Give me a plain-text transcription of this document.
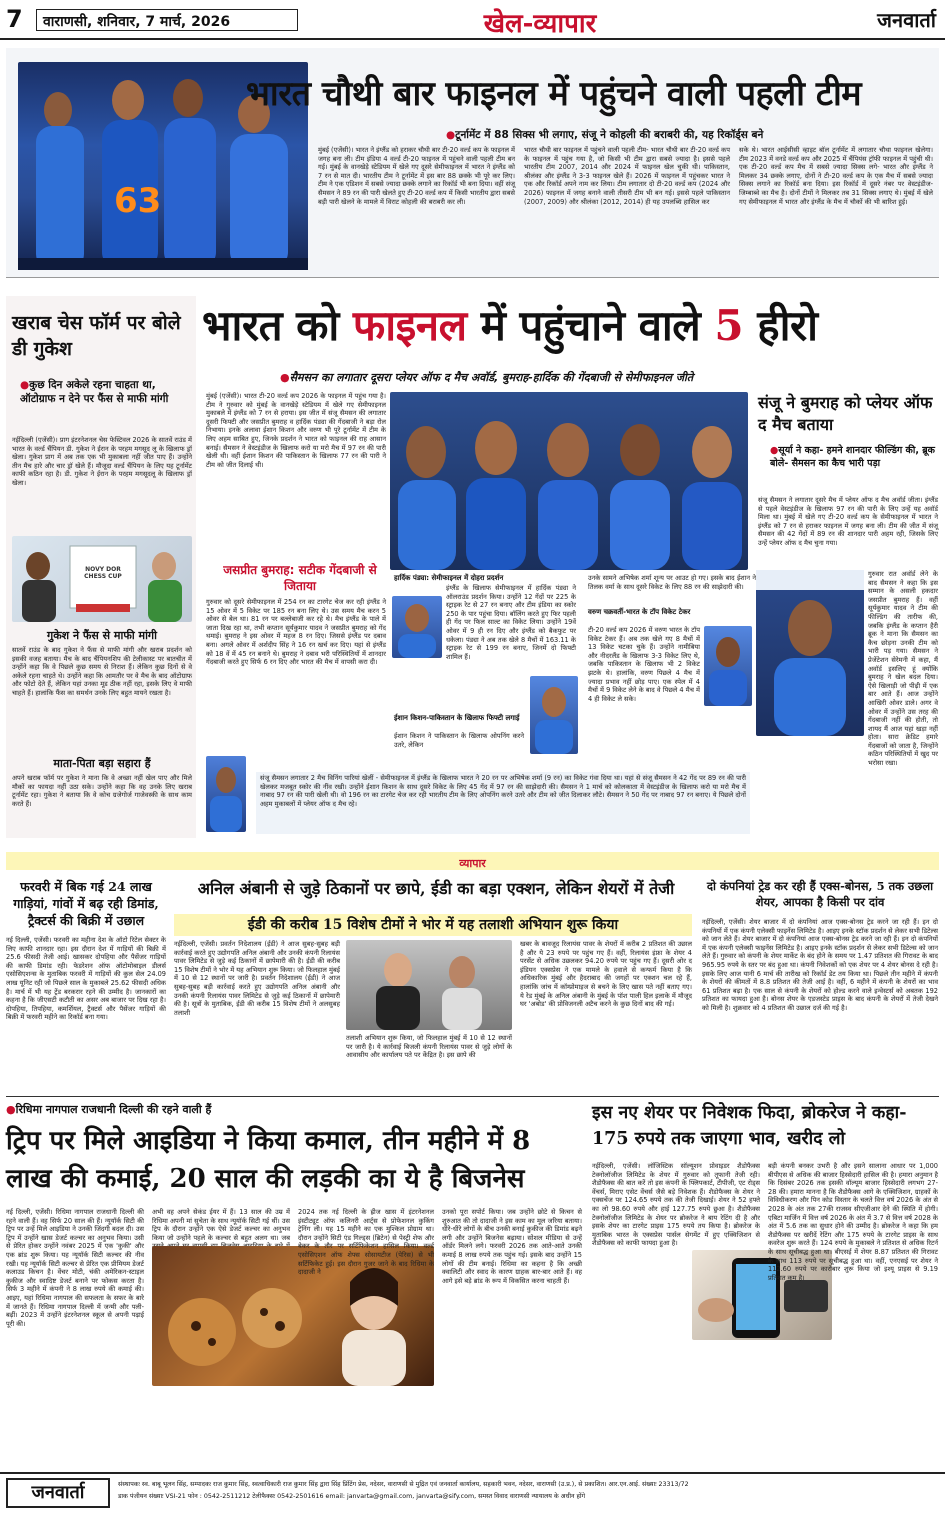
7	वाराणसी, शनिवार, 7 मार्च, 2026	खेल-व्यापार	जनवार्ता
63
भारत चौथी बार फाइनल में पहुंचने वाली पहली टीम
● टूर्नामेंट में 88 सिक्स भी लगाए, संजू ने कोहली की बराबरी की, यह रिकॉर्ड्स बने
मुंबई (एजेंसी)। भारत ने इंग्लैंड को हराकर चौथी बार टी-20 वर्ल्ड कप के फाइनल में जगह बना ली। टीम इंडिया 4 वर्ल्ड टी-20 फाइनल में पहुंचने वाली पहली टीम बन गई। मुंबई के वानखेड़े स्टेडियम में खेले गए दूसरे सेमीफाइनल में भारत ने इंग्लैंड को 7 रन से मात दी। भारतीय टीम ने टूर्नामेंट में इस बार 88 छक्के भी पूरे कर लिए। टीम ने एक एडिशन में सबसे ज्यादा छक्के लगाने का रिकॉर्ड भी बना दिया। वहीं संजू सैमसन ने 89 रन की पारी खेलते हुए टी-20 वर्ल्ड कप में किसी भारतीय द्वारा सबसे बड़ी पारी खेलने के मामले में विराट कोहली की बराबरी कर ली।
भारत चौथी बार फाइनल में पहुंचने वाली पहली टीम- भारत चौथी बार टी-20 वर्ल्ड कप के फाइनल में पहुंच गया है, जो किसी भी टीम द्वारा सबसे ज्यादा है। इससे पहले भारतीय टीम 2007, 2014 और 2024 में फाइनल खेल चुकी थी। पाकिस्तान, श्रीलंका और इंग्लैंड ने 3-3 फाइनल खेले हैं। 2026 में फाइनल में पहुंचकर भारत ने एक और रिकॉर्ड अपने नाम कर लिया। टीम लगातार दो टी-20 वर्ल्ड कप (2024 और 2026) फाइनल में जगह बनाने वाली तीसरी टीम भी बन गई। इससे पहले पाकिस्तान (2007, 2009) और श्रीलंका (2012, 2014) ही यह उपलब्धि हासिल कर
सके थे। भारत आईसीसी व्हाइट बॉल टूर्नामेंट में लगातार चौथा फाइनल खेलेगा। टीम 2023 में वनडे वर्ल्ड कप और 2025 में चैंपियंस ट्रॉफी फाइनल में पहुंची थी। एक टी-20 वर्ल्ड कप मैच में सबसे ज्यादा सिक्स लगे- भारत और इंग्लैंड ने मिलकर 34 छक्के लगाए, दोनों ने टी-20 वर्ल्ड कप के एक मैच में सबसे ज्यादा सिक्स लगाने का रिकॉर्ड बना दिया। इस रिकॉर्ड में दूसरे नंबर पर वेस्टइंडीज-जिम्बाब्वे का मैच है। दोनों टीमों ने मिलकर तब 31 सिक्स लगाए थे। मुंबई में खेले गए सेमीफाइनल में भारत और इंग्लैंड के मैच में चौकों की भी बारिश हुई।
खराब चेस फॉर्म पर बोले डी गुकेश
● कुछ दिन अकेले रहना चाहता था, ऑटोग्राफ न देने पर फैंस से माफी मांगी
नईदिल्ली (एजेंसी)। प्राग इंटरनेशनल चेस फेस्टिवल 2026 के सातवें राउंड में भारत के वर्ल्ड चैंपियन डी. गुकेश ने ईरान के परहम मगसूद लू के खिलाफ ड्रॉ खेला। गुकेश प्राग में अब तक एक भी मुकाबला नहीं जीत पाए हैं। उन्होंने तीन मैच हारे और चार ड्रॉ खेले हैं। मौजूदा वर्ल्ड चैंपियन के लिए यह टूर्नामेंट काफी कठिन रहा है। डी. गुकेश ने ईरान के परहम मगसूदलू के खिलाफ ड्रॉ खेला।
NOVY DOR CHESS CUP
गुकेश ने फैंस से माफी मांगी
सातवें राउंड के बाद गुकेश ने फैंस से माफी मांगी और खराब प्रदर्शन को इसकी वजह बताया। मैच के बाद चैंपियनशिप की टेलीकास्ट पर बातचीत में उन्होंने कहा कि वे पिछले कुछ समय से निराश हैं। लेकिन कुछ दिनों से वे अकेले रहना चाहते थे। उन्होंने कहा कि आमतौर पर वे मैच के बाद ऑटोग्राफ और फोटो देते हैं, लेकिन यहां उनका मूड ठीक नहीं रहा, इसके लिए वे माफी चाहते हैं। हालांकि फैंस का समर्थन उनके लिए बहुत मायने रखता है।
माता-पिता बड़ा सहारा हैं
अपने खराब फॉर्म पर गुकेश ने माना कि वे अच्छा नहीं खेल पाए और मिले मौकों का फायदा नहीं उठा सके। उन्होंने कहा कि वह उनके लिए खराब टूर्नामेंट रहा। गुकेश ने बताया कि वे कोच ग्रजेगोर्ज गाजेवस्की के साथ काम करते हैं।
भारत को फाइनल में पहुंचाने वाले 5 हीरो
● सैमसन का लगातार दूसरा प्लेयर ऑफ द मैच अवॉर्ड, बुमराह-हार्दिक की गेंदबाजी से सेमीफाइनल जीते
मुंबई (एजेंसी)। भारत टी-20 वर्ल्ड कप 2026 के फाइनल में पहुंच गया है। टीम ने गुरुवार को मुंबई के वानखेड़े स्टेडियम में खेले गए सेमीफाइनल मुकाबले में इंग्लैंड को 7 रन से हराया। इस जीत में संजू सैमसन की लगातार दूसरी फिफ्टी और जसप्रीत बुमराह व हार्दिक पंड्या की गेंदबाजी ने बड़ा रोल निभाया। इनके अलावा ईशान किशन और वरुण भी पूरे टूर्नामेंट में टीम के लिए अहम साबित हुए, जिनके प्रदर्शन ने भारत को फाइनल की राह आसान बनाई। सैमसन ने वेस्टइंडीज के खिलाफ करो या मरो मैच में 97 रन की पारी खेली थी। वहीं ईशान किशन की पाकिस्तान के खिलाफ 77 रन की पारी ने टीम को जीत दिलाई थी।
जसप्रीत बुमराह: सटीक गेंदबाजी से जिताया
गुरुवार को दूसरे सेमीफाइनल में 254 रन का टारगेट चेज कर रही इंग्लैंड ने 15 ओवर में 5 विकेट पर 185 रन बना लिए थे। उस समय मैच करन 5 ओवर से बेल था। 81 रन पर बल्लेबाजी कर रहे थे। मैच इंग्लैंड के पाले में जाता दिख रहा था, तभी कप्तान सूर्यकुमार यादव ने जसप्रीत बुमराह को गेंद थमाई। बुमराह ने इस ओवर में महज 8 रन दिए। जिससे इंग्लैंड पर दबाव बना। अगले ओवर में अर्शदीप सिंह ने 16 रन खर्च कर दिए। यहां से इंग्लैंड को 18 वें में 45 रन बनाने थे। बुमराह ने दबाव भरी परिस्थितियों में शानदार गेंदबाजी करते हुए सिर्फ 6 रन दिए और भारत की मैच में वापसी करा दी।
हार्दिक पंड्या: सेमीफाइनल में दोहरा प्रदर्शन
इंग्लैंड के खिलाफ सेमीफाइनल में हार्दिक पंड्या ने ऑलराउंड प्रदर्शन किया। उन्होंने 12 गेंदों पर 225 के स्ट्राइक रेट से 27 रन बनाए और टीम इंडिया का स्कोर 250 के पार पहुंचा दिया। बॉलिंग करते हुए फिर पहली ही गेंद पर फिल साल्ट का विकेट लिया। उन्होंने 19वें ओवर में 9 ही रन दिए और इंग्लैंड को बैकफुट पर धकेला। पंड्या ने अब तक खेले 8 मैचों में 163.11 के स्ट्राइक रेट से 199 रन बनाए, जिनमें दो फिफ्टी शामिल हैं।
ईशान किशन-पाकिस्तान के खिलाफ फिफ्टी लगाई
ईशान किशन ने पाकिस्तान के खिलाफ ओपनिंग करने उतरे, लेकिन
उनके सामने अभिषेक शर्मा शून्य पर आउट हो गए। इसके बाद ईशान ने तिलक वर्मा के साथ दूसरे विकेट के लिए 88 रन की साझेदारी की।
वरुण चक्रवर्ती-भारत के टॉप विकेट टेकर
टी-20 वर्ल्ड कप 2026 में वरुण भारत के टॉप विकेट टेकर हैं। अब तक खेले गए 8 मैचों में 13 विकेट चटका चुके हैं। उन्होंने नामीबिया और नीदरलैंड के खिलाफ 3-3 विकेट लिए थे, जबकि पाकिस्तान के खिलाफ भी 2 विकेट झटके थे। हालांकि, वरुण पिछले 4 मैच में ज्यादा प्रभाव नहीं छोड़ पाए। एक स्पेल में 4 मैचों में 9 विकेट लेने के बाद वे पिछले 4 मैच में 4 ही विकेट ले सके।
संजू सैमसन लगातार 2 मैच विनिंग पारियां खेलीं - सेमीफाइनल में इंग्लैंड के खिलाफ भारत ने 20 रन पर अभिषेक शर्मा (9 रन) का विकेट गंवा दिया था। यहां से संजू सैमसन ने 42 गेंद पर 89 रन की पारी खेलकर मजबूत स्कोर की नींव रखी। उन्होंने ईशान किशन के साथ दूसरे विकेट के लिए 45 गेंद में 97 रन की साझेदारी की। सैमसन ने 1 मार्च को कोलकाता में वेस्टइंडीज के खिलाफ करो या मरो मैच में नाबाद 97 रन की पारी खेली थी। वो 196 रन का टारगेट चेज कर रही भारतीय टीम के लिए ओपनिंग करने उतरे और टीम को जीत दिलाकर लौटे। सैमसन ने 50 गेंद पर नाबाद 97 रन बनाए। ये पिछले दोनों अहम मुकाबलों में प्लेयर ऑफ द मैच रहे।
संजू ने बुमराह को प्लेयर ऑफ द मैच बताया
● सूर्या ने कहा- हमने शानदार फील्डिंग की, ब्रूक बोले- सैमसन का कैच भारी पड़ा
संजू सैमसन ने लगातार दूसरे मैच में प्लेयर ऑफ द मैच अवॉर्ड जीता। इंग्लैंड से पहले वेस्टइंडीज के खिलाफ 97 रन की पारी के लिए उन्हें यह अवॉर्ड मिला था। मुंबई में खेले गए टी-20 वर्ल्ड कप के सेमीफाइनल में भारत ने इंग्लैंड को 7 रन से हराकर फाइनल में जगह बना ली। टीम की जीत में संजू सैमसन की 42 गेंदों में 89 रन की शानदार पारी अहम रही, जिसके लिए उन्हें प्लेयर ऑफ द मैच चुना गया।
गुरुवार रात अवॉर्ड लेने के बाद सैमसन ने कहा कि इस सम्मान के असली हकदार जसप्रीत बुमराह हैं। वहीं सूर्यकुमार यादव ने टीम की फील्डिंग की तारीफ की, जबकि इंग्लैंड के कप्तान हैरी ब्रूक ने माना कि सैमसन का कैच छोड़ना उनकी टीम को भारी पड़ गया। सैमसन ने प्रेजेंटेशन सेरेमनी में कहा, मैं अवॉर्ड इसलिए हूं क्योंकि बुमराह ने खेल बदल दिया। ऐसे खिलाड़ी जो पीढ़ी में एक बार आते हैं। आज उन्होंने आखिरी ओवर डाले। अगर वे ओवर में उन्होंने उस तरह की गेंदबाजी नहीं की होती, तो शायद मैं आज यहां खड़ा नहीं होता। सारा क्रेडिट हमारे गेंदबाजों को जाता है, जिन्होंने कठिन परिस्थितियों में खुद पर भरोसा रखा।
व्यापार
फरवरी में बिक गई 24 लाख गाड़ियां, गांवों में बढ़ रही डिमांड, ट्रैक्टर्स की बिक्री में उछाल
नई दिल्ली, एजेंसी। फरवरी का महीना देश के ऑटो रिटेल सेक्टर के लिए काफी शानदार रहा। इस दौरान देश में गाड़ियों की बिक्री में 25.6 फीसदी तेजी आई। खासकर दोपहिया और पैसेंजर गाड़ियों की काफी डिमांड रही। फेडरेशन ऑफ ऑटोमोबाइल डीलर्स एसोसिएशन्स के मुताबिक फरवरी में गाड़ियों की कुल सेल 24.09 लाख यूनिट रही जो पिछले साल के मुकाबले 25.62 फीसदी अधिक है। मार्च में भी यह ट्रेंड बरकरार रहने की उम्मीद है। जानकारों का कहना है कि जीएसटी कटौती का असर अब बाजार पर दिख रहा है। दोपहिया, तिपहिया, कमर्शियल, ट्रैक्टर्स और पैसेंजर गाड़ियों की बिक्री में फरवरी महीने का रिकॉर्ड बना गया।
अनिल अंबानी से जुड़े ठिकानों पर छापे, ईडी का बड़ा एक्शन, लेकिन शेयरों में तेजी
ईडी की करीब 15 विशेष टीमों ने भोर में यह तलाशी अभियान शुरू किया
नईदिल्ली, एजेंसी। प्रवर्तन निदेशालय (ईडी) ने आज सुबह-सुबह बड़ी कार्रवाई करते हुए उद्योगपति अनिल अंबानी और उनकी कंपनी रिलायंस पावर लिमिटेड से जुड़े कई ठिकानों में छापेमारी की है। ईडी की करीब 15 विशेष टीमों ने भोर में यह अभियान शुरू किया। जो फिलहाल मुंबई में 10 से 12 स्थानों पर जारी है। प्रवर्तन निदेशालय (ईडी) ने आज सुबह-सुबह बड़ी कार्रवाई करते हुए उद्योगपति अनिल अंबानी और उनकी कंपनी रिलायंस पावर लिमिटेड से जुड़े कई ठिकानों में छापेमारी की है। सूत्रों के मुताबिक, ईडी की करीब 15 विशेष टीमों ने अलसुबह तलाशी
तलाशी अभियान शुरू किया, जो फिलहाल मुंबई में 10 से 12 स्थानों पर जारी है। ये कार्रवाई बिजली कंपनी रिलायंस पावर से जुड़े लोगों के आवासीय और कार्यालय पते पर केंद्रित है। इस छापे की
खबर के बावजूद रिलायंस पावर के शेयरों में करीब 2 प्रतिशत की उछाल है और ये 23 रुपये पर पहुंच गए हैं। वहीं, रिलायंस इंफ्रा के शेयर 4 परसेंट से अधिक उछलकर 94.20 रुपये पर पहुंच गए हैं। दूसरी ओर द इंडियन एक्सप्रेस ने एक मामले के हवाले से कन्फर्म किया है कि अधिकारिक मुंबई और हैदराबाद की जगहों पर एक्शन चल रहे हैं, हालांकि जांच में कॉम्प्रोमाइज से बचने के लिए खास पते नहीं बताए गए। ये रेड मुंबई के अनिल अंबानी के मुंबई के पॉश पाली हिल इलाके में मौजूद घर 'अबोड' की प्रोविजनली अटैच करने के कुछ दिनों बाद की गई।
दो कंपनियां ट्रेड कर रही हैं एक्स-बोनस, 5 तक उछला शेयर, आपका है किसी पर दांव
नईदिल्ली, एजेंसी। शेयर बाजार में दो कंपनियां आज एक्स-बोनस ट्रेड करने जा रही हैं। इन दो कंपनियों में एक कंपनी एलेक्सी फाइनेंस लिमिटेड है। आइए इनके स्टॉक प्रदर्शन से लेकर सभी डिटेल्स को जान लेते हैं। शेयर बाजार में दो कंपनियां आज एक्स-बोनस ट्रेड करने जा रही हैं। इन दो कंपनियों में एक कंपनी एलेक्सी फाइनेंस लिमिटेड है। आइए इनके स्टॉक प्रदर्शन से लेकर सभी डिटेल्स को जान लेते हैं। गुरुवार को कंपनी के शेयर मार्केट के बंद होने के समय पर 1.47 प्रतिशत की गिरावट के बाद 965.95 रुपये के स्तर पर बंद हुआ था। कंपनी निवेशकों को एक शेयर पर 4 शेयर बोनस दे रही है। इसके लिए आज यानी 6 मार्च की तारीख को रिकॉर्ड डेट तय किया था। पिछले तीन महीने में कंपनी के शेयरों की कीमतों में 8.8 प्रतिशत की तेजी आई है। वहीं, 6 महीने में कंपनी के शेयरों का भाव 61 प्रतिशत बढ़ा है। एक साल से कंपनी के शेयरों को होल्ड करने वाले इन्वेस्टर्स को अबतक 192 प्रतिशत का फायदा हुआ है। बोनस शेयर के एडजस्टेड प्राइस के बाद कंपनी के शेयरों में तेजी देखने को मिली है। शुक्रवार को 4 प्रतिशत की उछाल दर्ज की गई है।
● रिधिमा नागपाल राजधानी दिल्ली की रहने वाली हैं
ट्रिप पर मिले आइडिया ने किया कमाल, तीन महीने में 8 लाख की कमाई, 20 साल की लड़की का ये है बिजनेस
नई दिल्ली, एजेंसी। रिधिमा नागपाल राजधानी दिल्ली की रहने वाली हैं। वह सिर्फ 20 साल की हैं। न्यूयॉर्क सिटी की ट्रिप पर उन्हें मिले आइडिया ने उनकी जिंदगी बदल दी। उस ट्रिप में उन्होंने खास डेजर्ट कल्चर का अनुभव किया। उसी से प्रेरित होकर उन्होंने नवंबर 2025 में एक 'कुकी' और एक ब्रांड शुरू किया। यह न्यूयॉर्क सिटी कल्चर की नीव रखी। यह न्यूयॉर्क सिटी कल्चर से प्रेरित एक प्रीमियम डेजर्ट कलाउड किचन है। वेंचर मोटी, चंकी अमेरिकन-स्टाइल कुकीज और स्वादिष्ट डेजर्ट बनाने पर फोकस करता है। सिर्फ 3 महीने में कंपनी ने 8 लाख रुपये की कमाई की। आइए, यहां रिधिमा नागपाल की सफलता के सफर के बारे में जानते हैं। रिधिमा नागपाल दिल्ली में जन्मी और पली-बढ़ीं। 2023 में उन्होंने इंटरनेशनल स्कूल से अपनी पढ़ाई पूरी की।
अभी वह अपने सेकंड ईयर में हैं। 13 साल की उम्र में रिधिमा अपनी मां सुचेता के साथ न्यूयॉर्क सिटी गई थीं। उस ट्रिप के दौरान उन्होंने एक ऐसे डेजर्ट कल्चर का अनुभव किया जो उन्होंने पहले के कल्चर से बहुत अलग था। जब
2024 तक नई दिल्ली के ह्रीज खास में इंटरनेशनल इंस्टीट्यूट ऑफ कलिनरी आर्ट्स से प्रोफेशनल कुकिंग ट्रेनिंग ली। यह 15 महीने का एक मुश्किल प्रोग्राम था। दौरान उन्होंने सिटी एंड गिल्ड्स (ब्रिटेन) से पेस्ट्री शेफ और बेकर के तौर पर सर्टिफिकेशन हासिल किया। वर्ल्ड एसोसिएशन ऑफ शेफ्स सोसायटीज (पेरिस) से भी सर्टिफिकेट हुई। इस दौरान गुजर जाने के बाद रिधिमा के दादाजी ने
उनको पूरा सपोर्ट किया। जब उन्होंने छोटे से किचन से शुरुआत की तो दादाजी ने इस काम का मूल जरिया बताया। धीरे-धीरे लोगों के बीच उनकी बनाई कुकीज की डिमांड बढ़ने लगी और उन्होंने बिजनेस बढ़ाया। सोशल मीडिया से उन्हें ऑर्डर मिलने लगे। फरवरी 2026 तक आते-आते उनकी कमाई 8 लाख रुपये तक पहुंच गई। इसके बाद उन्होंने 15 लोगों की टीम बनाई। रिधिमा का कहना है कि अच्छी क्वालिटी और स्वाद के कारण ग्राहक बार-बार आते हैं। वह आगे इसे बड़े ब्रांड के रूप में विकसित करना चाहती हैं।
इस नए शेयर पर निवेशक फिदा, ब्रोकरेज ने कहा- 175 रुपये तक जाएगा भाव, खरीद लो
नईदिल्ली, एजेंसी। लॉजिस्टिक सॉल्यूशन प्रोवाइडर शैडोफैक्स टेक्नोलॉजीज लिमिटेड के शेयर में गुरुवार को तूफानी तेजी रही। शैडोफैक्स की बात करें तो इस कंपनी के फ्लिपकार्ट, टीपीजी, एट रोड्स वेंचर्स, मिराए एसेट वेंचर्स जैसे बड़े निवेशक हैं। शैडोफैक्स के शेयर ने एक्सचेंज पर 124.65 रुपये तक की तेजी दिखाई। शेयर ने 52 हफ्ते का लो 98.60 रुपये और हाई 127.75 रुपये छुआ है। शैडोफैक्स टेक्नोलॉजीज लिमिटेड के शेयर पर ब्रोकरेज ने बाय रेटिंग दी है और इसके शेयर का टारगेट प्राइस 175 रुपये तय किया है। ब्रोकरेज के मुताबिक भारत के एक्सप्रेस पार्सल सेगमेंट में हुए एक्विजिशन से शैडोफैक्स को काफी फायदा हुआ है।
बड़ी कंपनी बनकर उभरी है और इसने सालाना आधार पर 1,000 बीपीएस से अधिक की बाजार हिस्सेदारी हासिल की है। हमारा अनुमान है कि दिसंबर 2026 तक इसकी वॉल्यूम बाजार हिस्सेदारी लगभग 27-28 की। हमारा मानना है कि शैडोफैक्स आगे के एक्विजिशन, ग्राहकों के विविधीकरण और पिन कोड विस्तार के चलते वित्त वर्ष 2026 के अंत से 2028 के अंत तक 27की राजस्व सीएजीआर देने की स्थिति में होगी। एबिटा मार्जिन में वित्त वर्ष 2026 के अंत में 3.7 से वित्त वर्ष 2028 के अंत में 5.6 तक का सुधार होने की उम्मीद है। ब्रोकरेज ने कहा कि हम शैडोफैक्स पर खरीदें रेटिंग और 175 रुपये के टारगेट प्राइस के साथ कवरेज शुरू करते हैं। 124 रुपये के मुकाबले ने प्रतिशत से अधिक रिटर्न के साथ सूचीबद्ध हुआ था। बीएसई में शेयर 8.87 प्रतिशत की गिरावट के साथ 113 रुपये पर सूचीबद्ध हुआ था। वहीं, एनएसई पर शेयर ने 112.60 रुपये पर कारोबार शुरू किया जो इश्यू प्राइस से 9.19 प्रतिशत कम है।
जनवार्ता	संस्थापकः स्व. बाबू भूलन सिंह, सम्पादकः राज कुमार सिंह, स्वत्वाधिकारी राज कुमार सिंह द्वारा सिंह प्रिंटिंग प्रेस, नदेसर, वाराणसी से मुद्रित एवं जनवार्ता कार्यालय, सहकारी भवन, नदेसर, वाराणसी (उ.प्र.), से प्रकाशित। आर.एन.आई. संख्याः 23313/72
डाक पंजीयन संख्याः VSI-21 फोन : 0542-2511212 टेलीफैक्सः 0542-2501616 email: janvarta@gmail.com, janvarta@sify.com, समस्त विवाद वाराणसी न्यायालय के अधीन होंगे
